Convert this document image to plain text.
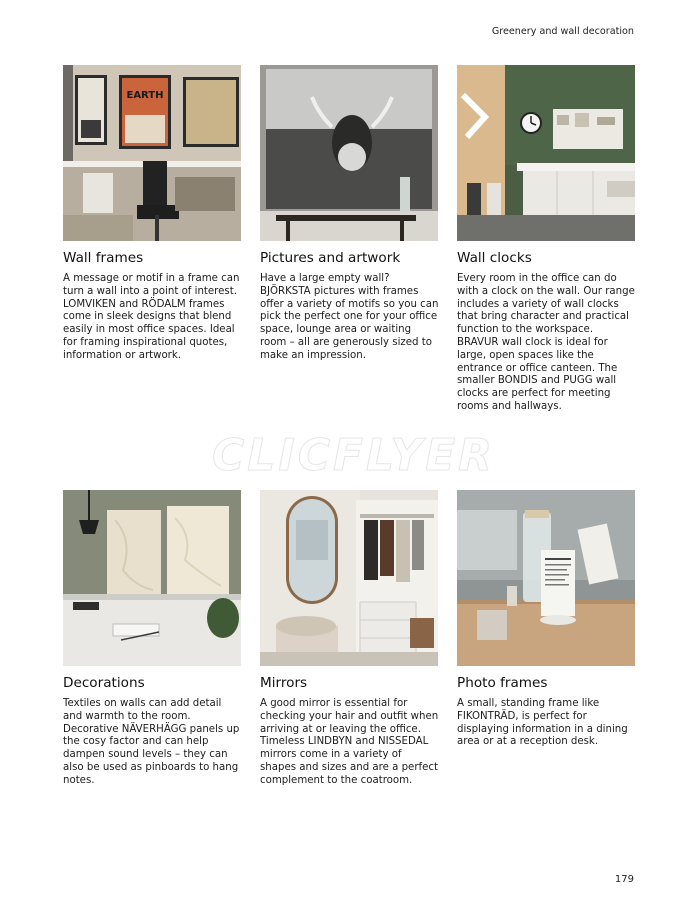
Greenery and wall decoration
EARTH
Wall frames

A message or motif in a frame can turn a wall into a point of interest. LOMVIKEN and RÖDALM frames come in sleek designs that blend easily in most office spaces. Ideal for framing inspirational quotes, information or artwork.

Pictures and artwork

Have a large empty wall? BJÖRKSTA pictures with frames offer a variety of motifs so you can pick the perfect one for your office space, lounge area or waiting room – all are generously sized to make an impression.

Wall clocks

Every room in the office can do with a clock on the wall. Our range includes a variety of wall clocks that bring character and practical function to the workspace. BRAVUR wall clock is ideal for large, open spaces like the entrance or office canteen. The smaller BONDIS and PUGG wall clocks are perfect for meeting rooms and hallways.

CLICFLYER
Decorations

Textiles on walls can add detail and warmth to the room. Decorative NÄVERHÄGG panels up the cosy factor and can help dampen sound levels – they can also be used as pinboards to hang notes.

Mirrors

A good mirror is essential for checking your hair and outfit when arriving at or leaving the office. Timeless LINDBYN and NISSEDAL mirrors come in a variety of shapes and sizes and are a perfect complement to the coatroom.

Photo frames

A small, standing frame like FIKONTRÄD, is perfect for displaying information in a dining area or at a reception desk.

179
